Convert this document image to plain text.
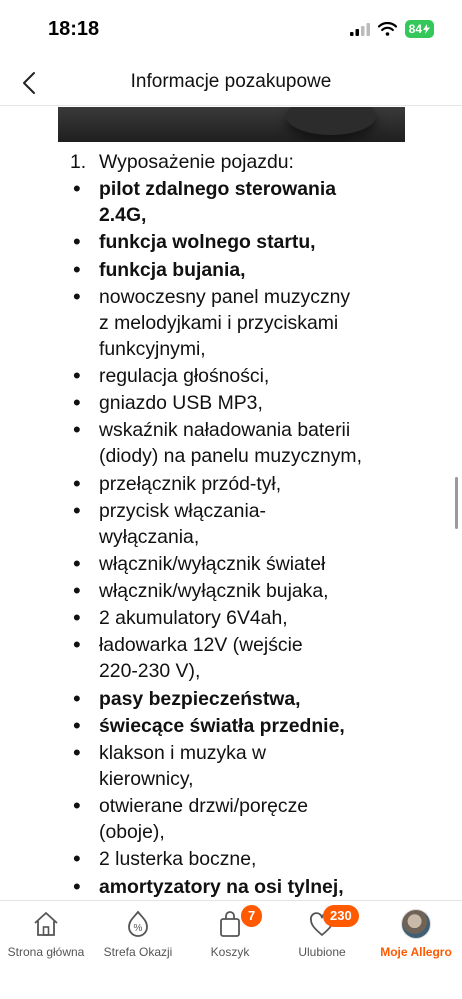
18:18	84
Informacje pozakupowe
1. Wyposażenie pojazdu:
• pilot zdalnego sterowania
2.4G,
• funkcja wolnego startu,
• funkcja bujania,
• nowoczesny panel muzyczny
z melodyjkami i przyciskami
funkcyjnymi,
• regulacja głośności,
• gniazdo USB MP3,
• wskaźnik naładowania baterii
(diody) na panelu muzycznym,
• przełącznik przód-tył,
• przycisk włączania-
wyłączania,
• włącznik/wyłącznik świateł
• włącznik/wyłącznik bujaka,
• 2 akumulatory 6V4ah,
• ładowarka 12V (wejście
220-230 V),
• pasy bezpieczeństwa,
• świecące światła przednie,
• klakson i muzyka w
kierownicy,
• otwierane drzwi/poręcze
(oboje),
• 2 lusterka boczne,
• amortyzatory na osi tylnej,

Strona główna
%
Strefa Okazji
7
Koszyk
230
Ulubione	Moje Allegro
